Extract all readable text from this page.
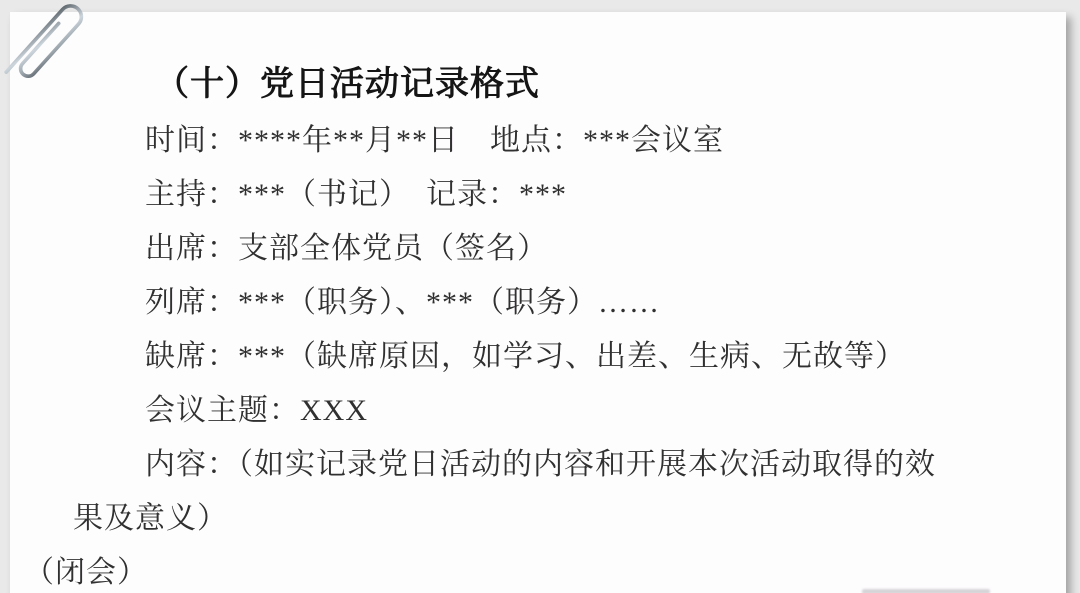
（十）党日活动记录格式
时间：****年**月**日　地点：***会议室
主持：***（书记）　记录：***
出席：支部全体党员（签名）
列席：***（职务）、***（职务）……
缺席：***（缺席原因，如学习、出差、生病、无故等）
会议主题：XXX
内容：（如实记录党日活动的内容和开展本次活动取得的效
果及意义）
（闭会）
